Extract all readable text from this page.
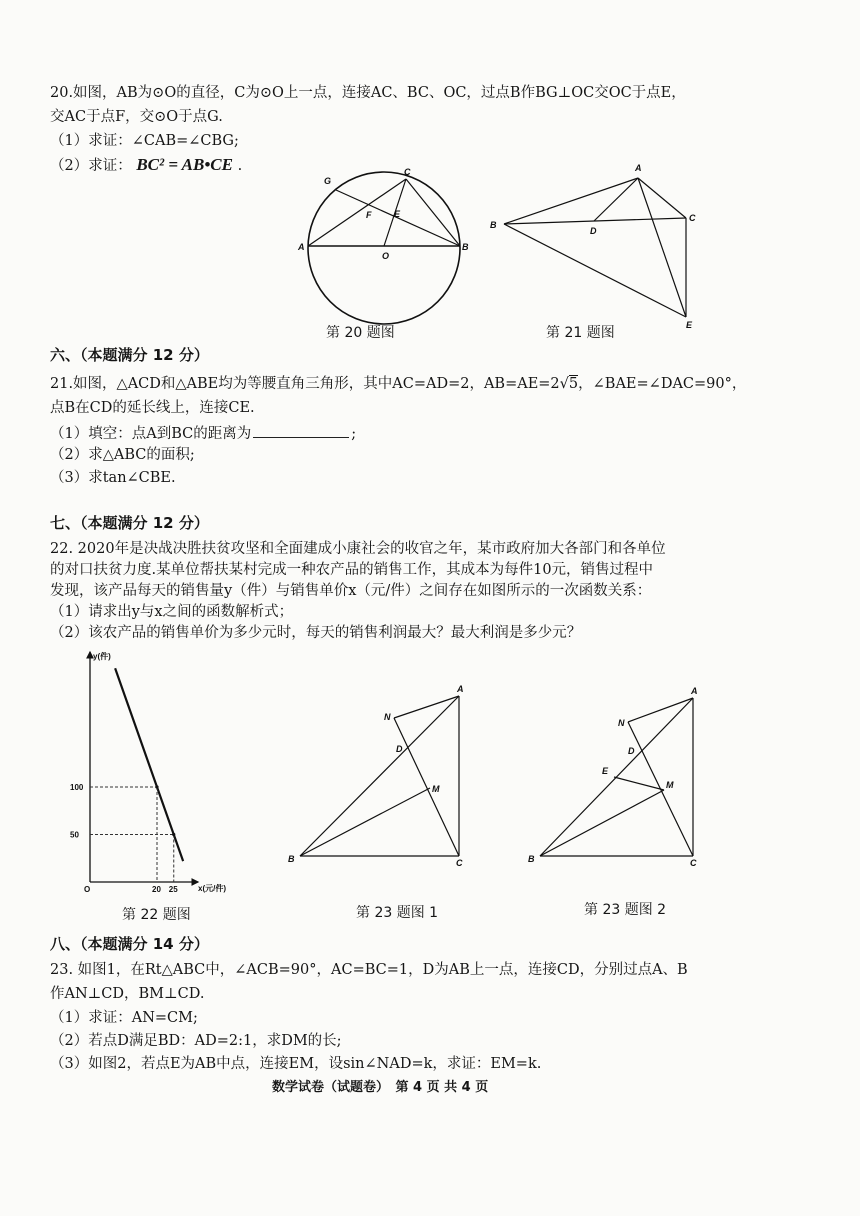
20.如图，AB为⊙O的直径，C为⊙O上一点，连接AC、BC、OC，过点B作BG⊥OC交OC于点E，
交AC于点F，交⊙O于点G.
（1）求证：∠CAB=∠CBG;
（2）求证： BC² = AB•CE .
G
C
F	E
A
O
B
A
B
D
C
E
第 20 题图	第 21 题图
六、（本题满分 12 分）
21.如图，△ACD和△ABE均为等腰直角三角形，其中AC=AD=2，AB=AE=2√5，∠BAE=∠DAC=90°，
点B在CD的延长线上，连接CE.
（1）填空：点A到BC的距离为	;
（2）求△ABC的面积;
（3）求tan∠CBE.
七、（本题满分 12 分）
22. 2020年是决战决胜扶贫攻坚和全面建成小康社会的收官之年，某市政府加大各部门和各单位
的对口扶贫力度.某单位帮扶某村完成一种农产品的销售工作，其成本为每件10元，销售过程中
发现，该产品每天的销售量y（件）与销售单价x（元/件）之间存在如图所示的一次函数关系：
（1）请求出y与x之间的函数解析式；
（2）该农产品的销售单价为多少元时，每天的销售利润最大？最大利润是多少元？
y(件)
x(元/件)
O	20
100
25
50
A
N
D
M
B	C
A
N
D
E
M
B	C
第 22 题图	第 23 题图 1	第 23 题图 2
八、（本题满分 14 分）
23. 如图1，在Rt△ABC中，∠ACB=90°，AC=BC=1，D为AB上一点，连接CD，分别过点A、B
作AN⊥CD，BM⊥CD.
（1）求证：AN=CM;
（2）若点D满足BD：AD=2:1，求DM的长;
（3）如图2，若点E为AB中点，连接EM，设sin∠NAD=k，求证：EM=k.
数学试卷（试题卷）　第 4 页 共 4 页
